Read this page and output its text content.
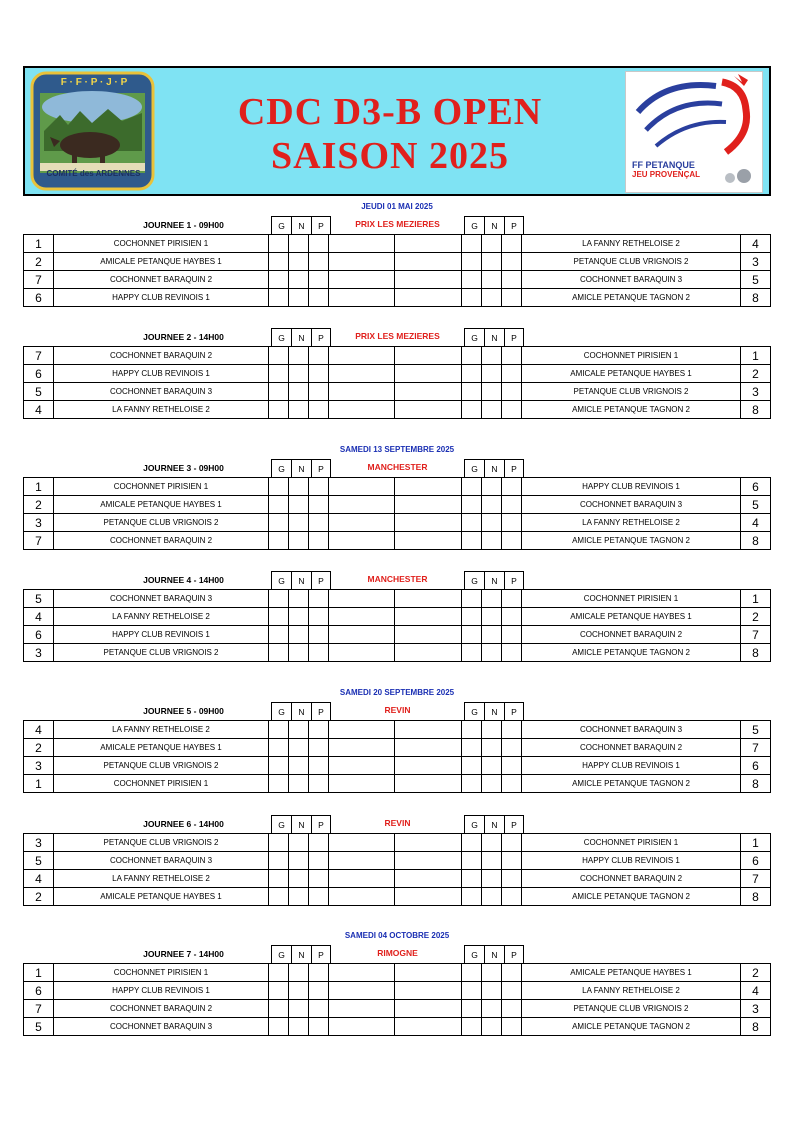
F · F · P · J · P
COMITÉ des ARDENNES
CDC D3-B OPEN
SAISON 2025	FF PETANQUE
JEU PROVENÇAL
JEUDI 01 MAI 2025
JOURNEE 1 - 09H00	G	N	P	PRIX LES MEZIERES	G	N	P
1	COCHONNET PIRISIEN 1									LA FANNY RETHELOISE 2	4
2	AMICALE PETANQUE HAYBES 1									PETANQUE CLUB VRIGNOIS 2	3
7	COCHONNET BARAQUIN 2									COCHONNET BARAQUIN 3	5
6	HAPPY CLUB REVINOIS 1									AMICLE PETANQUE TAGNON 2	8
JOURNEE 2 - 14H00	G	N	P	PRIX LES MEZIERES	G	N	P
7	COCHONNET BARAQUIN 2									COCHONNET PIRISIEN 1	1
6	HAPPY CLUB REVINOIS 1									AMICALE PETANQUE HAYBES 1	2
5	COCHONNET BARAQUIN 3									PETANQUE CLUB VRIGNOIS 2	3
4	LA FANNY RETHELOISE 2									AMICLE PETANQUE TAGNON 2	8
SAMEDI 13 SEPTEMBRE 2025
JOURNEE 3 - 09H00	G	N	P	MANCHESTER	G	N	P
1	COCHONNET PIRISIEN 1									HAPPY CLUB REVINOIS 1	6
2	AMICALE PETANQUE HAYBES 1									COCHONNET BARAQUIN 3	5
3	PETANQUE CLUB VRIGNOIS 2									LA FANNY RETHELOISE 2	4
7	COCHONNET BARAQUIN 2									AMICLE PETANQUE TAGNON 2	8
JOURNEE 4 - 14H00	G	N	P	MANCHESTER	G	N	P
5	COCHONNET BARAQUIN 3									COCHONNET PIRISIEN 1	1
4	LA FANNY RETHELOISE 2									AMICALE PETANQUE HAYBES 1	2
6	HAPPY CLUB REVINOIS 1									COCHONNET BARAQUIN 2	7
3	PETANQUE CLUB VRIGNOIS 2									AMICLE PETANQUE TAGNON 2	8
SAMEDI 20 SEPTEMBRE 2025
JOURNEE 5 - 09H00	G	N	P	REVIN	G	N	P
4	LA FANNY RETHELOISE 2									COCHONNET BARAQUIN 3	5
2	AMICALE PETANQUE HAYBES 1									COCHONNET BARAQUIN 2	7
3	PETANQUE CLUB VRIGNOIS 2									HAPPY CLUB REVINOIS 1	6
1	COCHONNET PIRISIEN 1									AMICLE PETANQUE TAGNON 2	8
JOURNEE 6 - 14H00	G	N	P	REVIN	G	N	P
3	PETANQUE CLUB VRIGNOIS 2									COCHONNET PIRISIEN 1	1
5	COCHONNET BARAQUIN 3									HAPPY CLUB REVINOIS 1	6
4	LA FANNY RETHELOISE 2									COCHONNET BARAQUIN 2	7
2	AMICALE PETANQUE HAYBES 1									AMICLE PETANQUE TAGNON 2	8
SAMEDI 04 OCTOBRE 2025
JOURNEE 7 - 14H00	G	N	P	RIMOGNE	G	N	P
1	COCHONNET PIRISIEN 1									AMICALE PETANQUE HAYBES 1	2
6	HAPPY CLUB REVINOIS 1									LA FANNY RETHELOISE 2	4
7	COCHONNET BARAQUIN 2									PETANQUE CLUB VRIGNOIS 2	3
5	COCHONNET BARAQUIN 3									AMICLE PETANQUE TAGNON 2	8
